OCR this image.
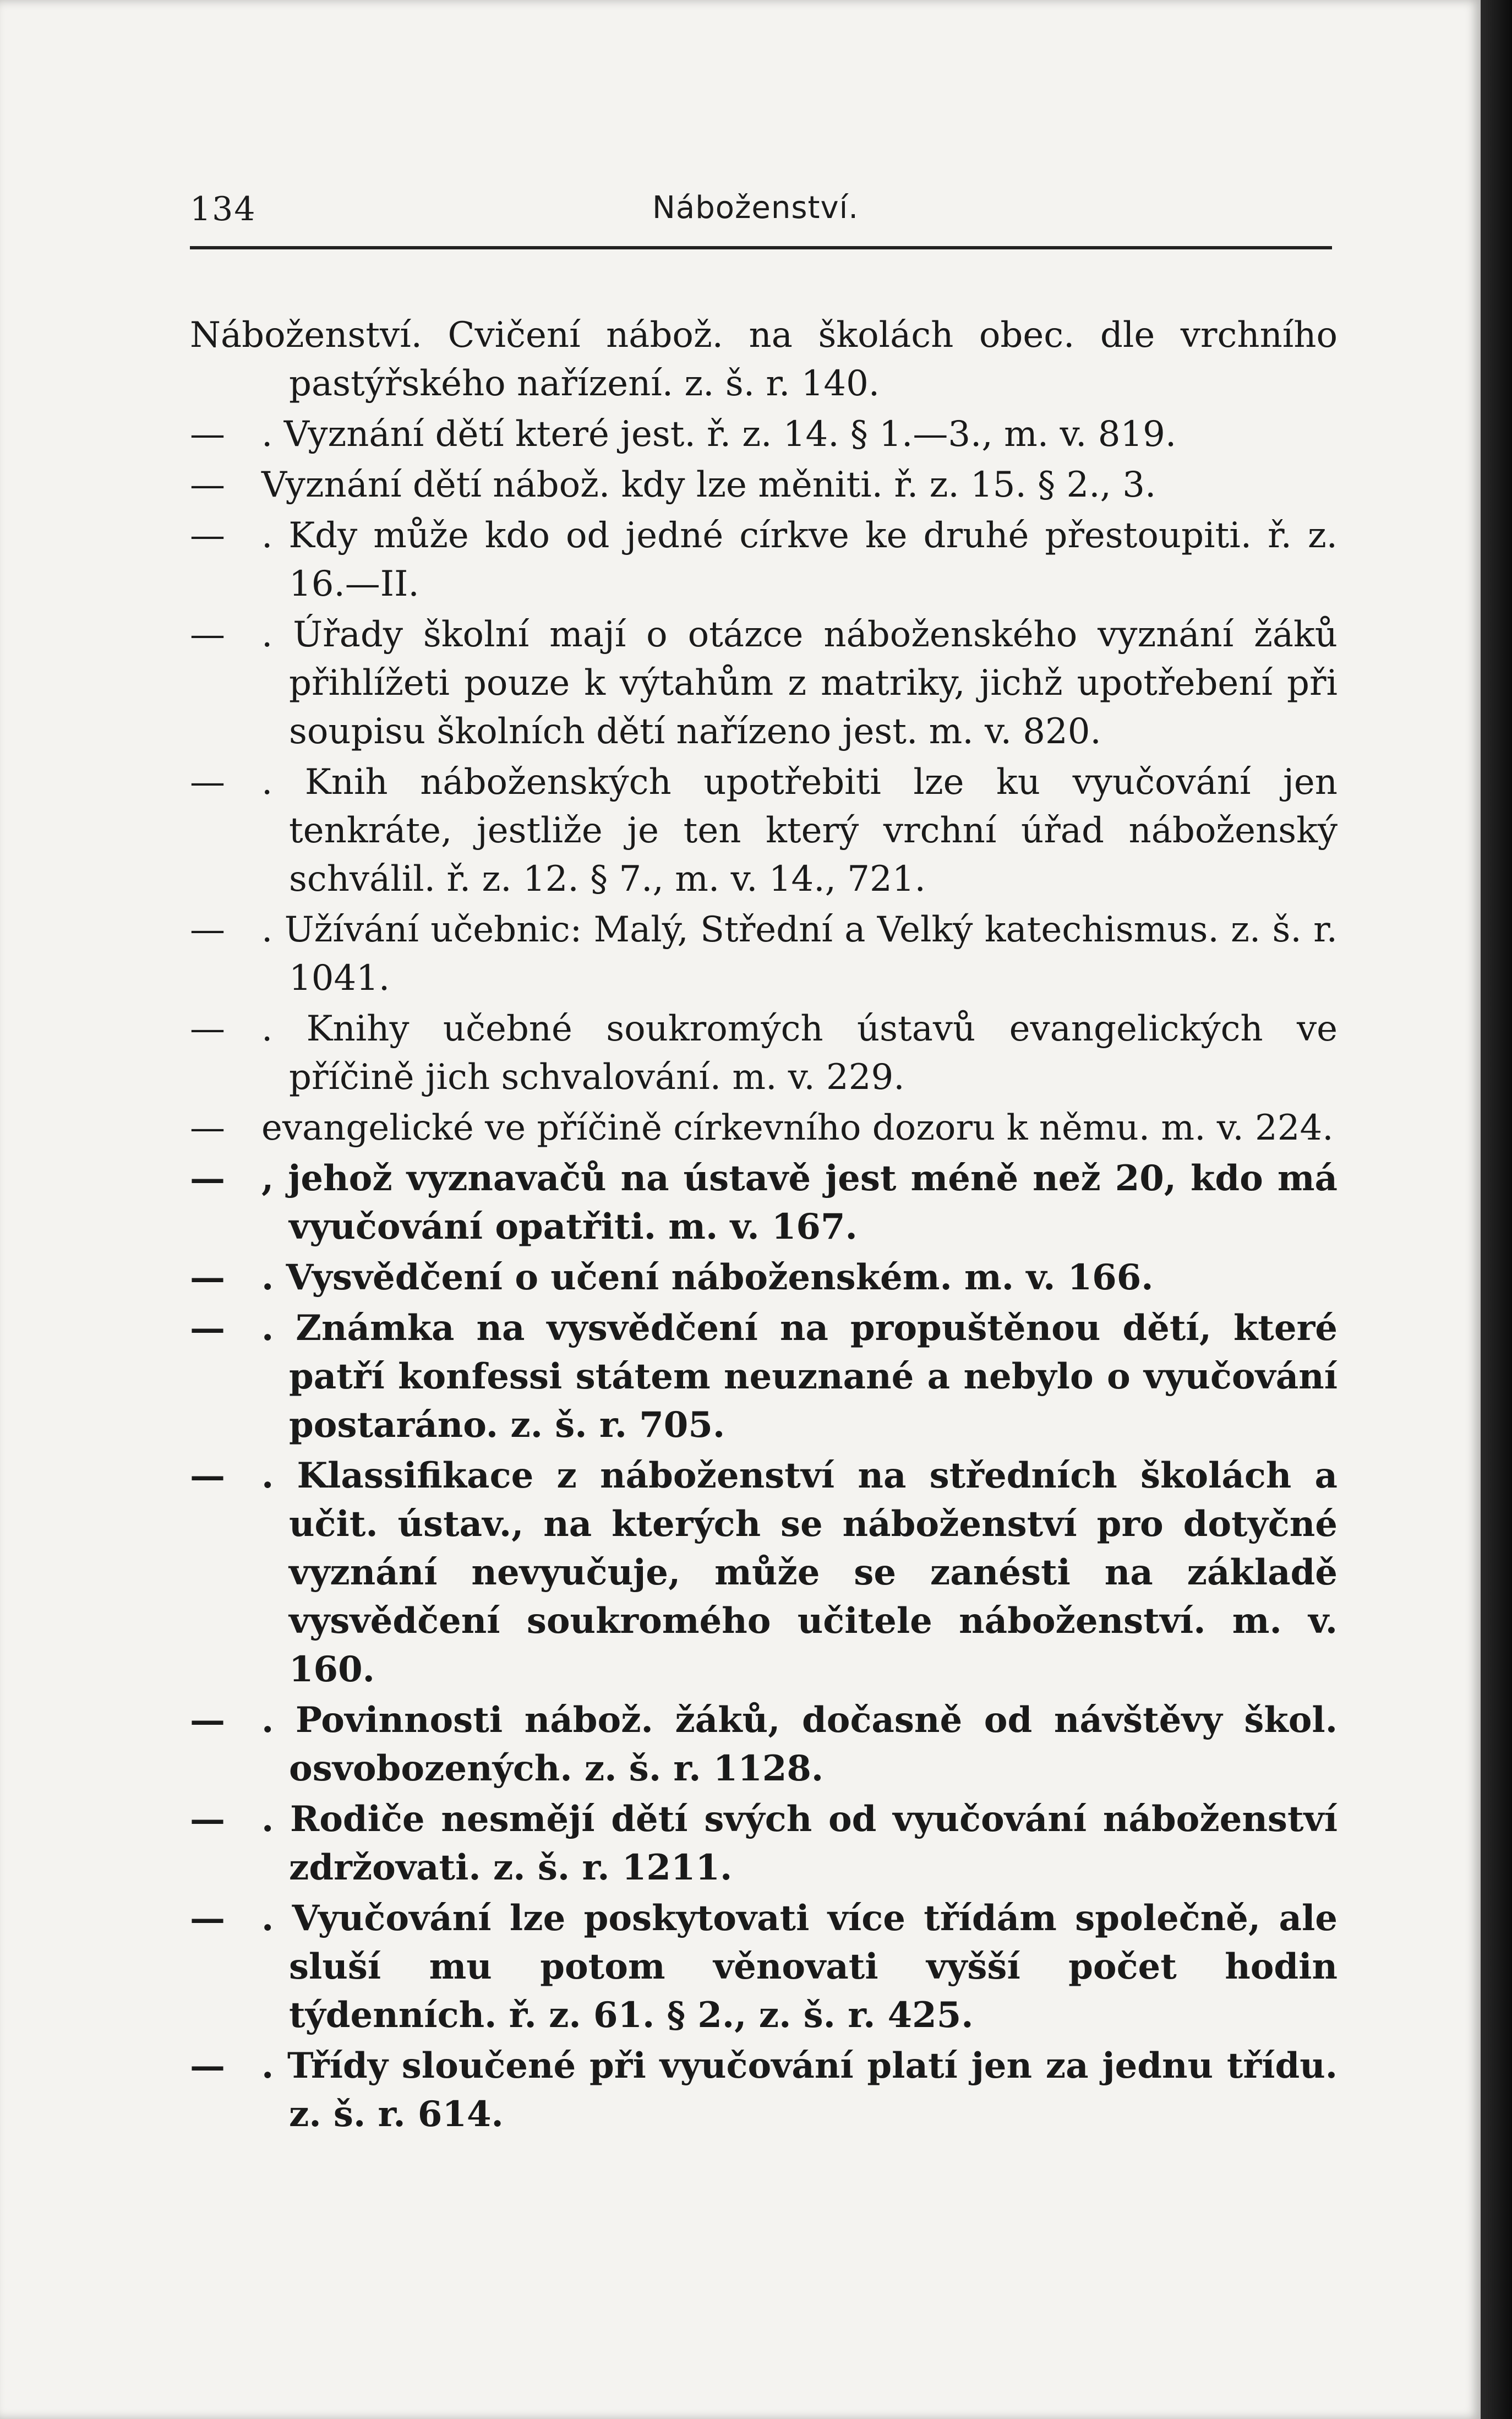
134	Náboženství.

Náboženství. Cvičení nábož. na školách obec. dle vrchního pastýřského nařízení. z. š. r. 140.

— . Vyznání dětí které jest. ř. z. 14. § 1.—3., m. v. 819.

— Vyznání dětí nábož. kdy lze měniti. ř. z. 15. § 2., 3.

— . Kdy může kdo od jedné církve ke druhé přestoupiti. ř. z. 16.—II.

— . Úřady školní mají o otázce náboženského vyznání žáků přihlížeti pouze k výtahům z matriky, jichž upotřebení při soupisu školních dětí nařízeno jest. m. v. 820.

— . Knih náboženských upotřebiti lze ku vyučování jen tenkráte, jestliže je ten který vrchní úřad náboženský schválil. ř. z. 12. § 7., m. v. 14., 721.

— . Užívání učebnic: Malý, Střední a Velký katechismus. z. š. r. 1041.

— . Knihy učebné soukromých ústavů evangelických ve příčině jich schvalování. m. v. 229.

— evangelické ve příčině církevního dozoru k němu. m. v. 224.

— , jehož vyznavačů na ústavě jest méně než 20, kdo má vyučování opatřiti. m. v. 167.

— . Vysvědčení o učení náboženském. m. v. 166.

— . Známka na vysvědčení na propuštěnou dětí, které patří konfessi státem neuznané a nebylo o vyučování postaráno. z. š. r. 705.

— . Klassifikace z náboženství na středních školách a učit. ústav., na kterých se náboženství pro dotyčné vyznání nevyučuje, může se zanésti na základě vysvědčení soukromého učitele náboženství. m. v. 160.

— . Povinnosti nábož. žáků, dočasně od návštěvy škol. osvobozených. z. š. r. 1128.

— . Rodiče nesmějí dětí svých od vyučování náboženství zdržovati. z. š. r. 1211.

— . Vyučování lze poskytovati více třídám společně, ale sluší mu potom věnovati vyšší počet hodin týdenních. ř. z. 61. § 2., z. š. r. 425.

— . Třídy sloučené při vyučování platí jen za jednu třídu. z. š. r. 614.
